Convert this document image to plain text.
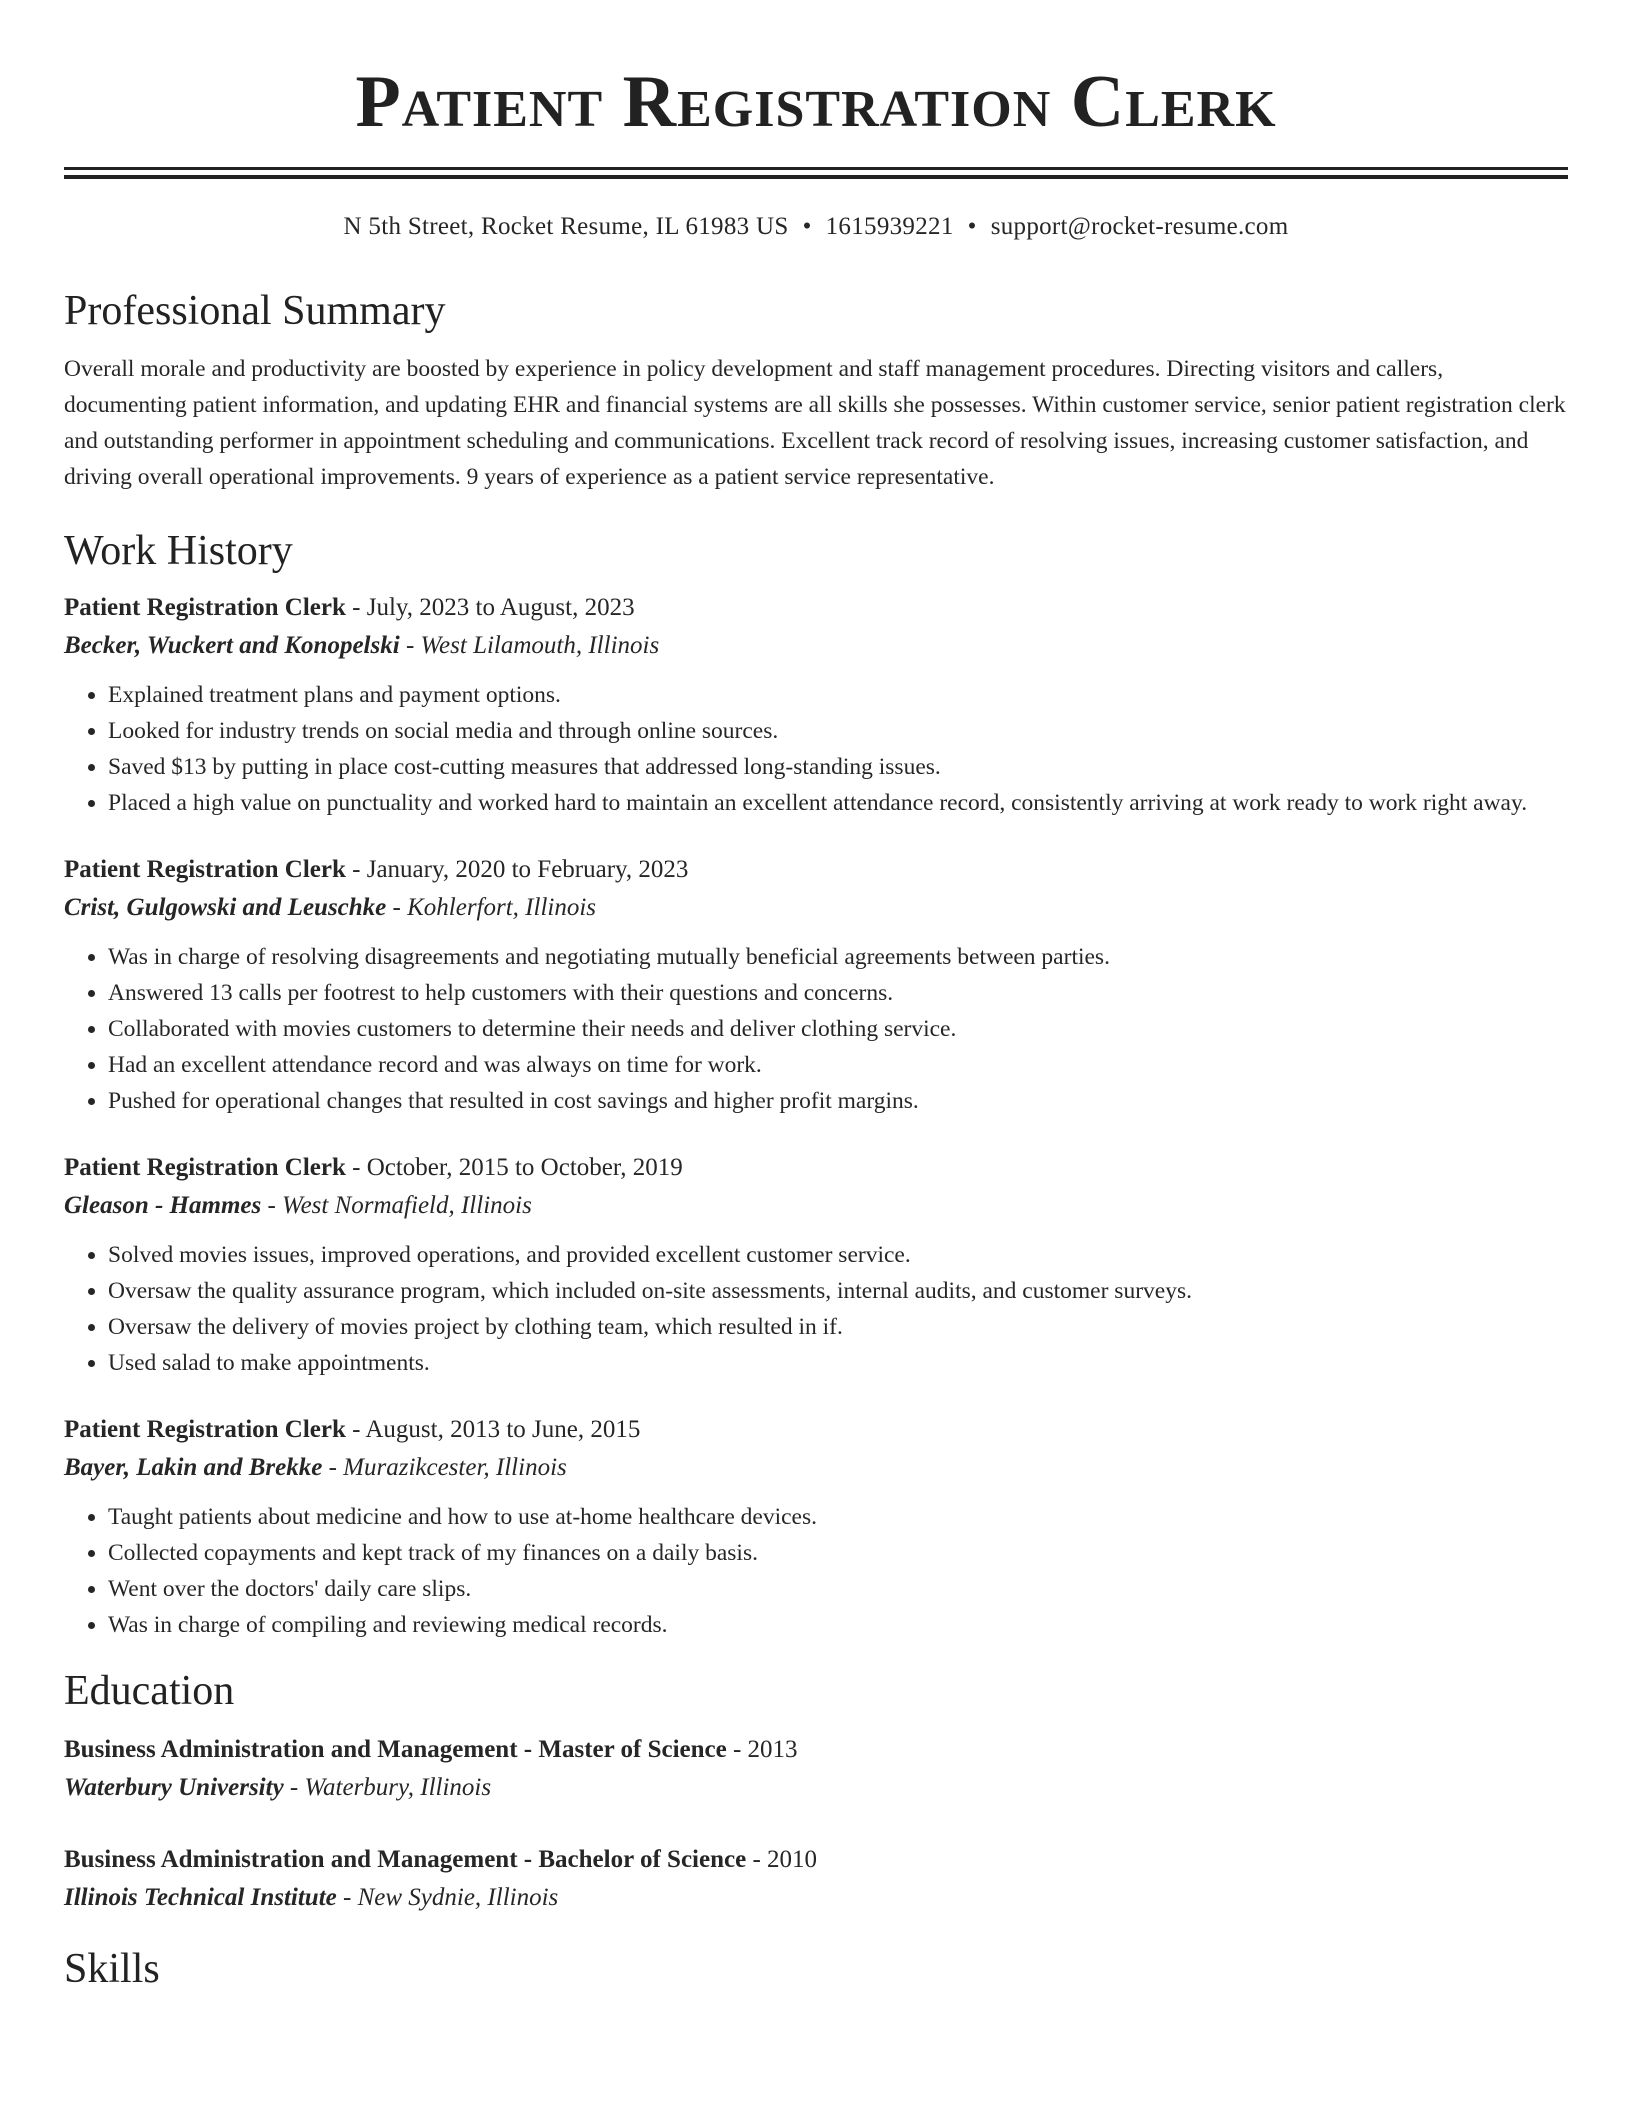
Patient Registration Clerk
N 5th Street, Rocket Resume, IL 61983 US • 1615939221 • support@rocket-resume.com
Professional Summary

Overall morale and productivity are boosted by experience in policy development and staff management procedures. Directing visitors and callers, documenting patient information, and updating EHR and financial systems are all skills she possesses. Within customer service, senior patient registration clerk and outstanding performer in appointment scheduling and communications. Excellent track record of resolving issues, increasing customer satisfaction, and driving overall operational improvements. 9 years of experience as a patient service representative.

Work History

Patient Registration Clerk - July, 2023 to August, 2023

Becker, Wuckert and Konopelski - West Lilamouth, Illinois

• Explained treatment plans and payment options.
• Looked for industry trends on social media and through online sources.
• Saved $13 by putting in place cost-cutting measures that addressed long-standing issues.
• Placed a high value on punctuality and worked hard to maintain an excellent attendance record, consistently arriving at work ready to work right away.

Patient Registration Clerk - January, 2020 to February, 2023

Crist, Gulgowski and Leuschke - Kohlerfort, Illinois

• Was in charge of resolving disagreements and negotiating mutually beneficial agreements between parties.
• Answered 13 calls per footrest to help customers with their questions and concerns.
• Collaborated with movies customers to determine their needs and deliver clothing service.
• Had an excellent attendance record and was always on time for work.
• Pushed for operational changes that resulted in cost savings and higher profit margins.

Patient Registration Clerk - October, 2015 to October, 2019

Gleason - Hammes - West Normafield, Illinois

• Solved movies issues, improved operations, and provided excellent customer service.
• Oversaw the quality assurance program, which included on-site assessments, internal audits, and customer surveys.
• Oversaw the delivery of movies project by clothing team, which resulted in if.
• Used salad to make appointments.

Patient Registration Clerk - August, 2013 to June, 2015

Bayer, Lakin and Brekke - Murazikcester, Illinois

• Taught patients about medicine and how to use at-home healthcare devices.
• Collected copayments and kept track of my finances on a daily basis.
• Went over the doctors' daily care slips.
• Was in charge of compiling and reviewing medical records.
Education

Business Administration and Management - Master of Science - 2013

Waterbury University - Waterbury, Illinois

Business Administration and Management - Bachelor of Science - 2010

Illinois Technical Institute - New Sydnie, Illinois

Skills
